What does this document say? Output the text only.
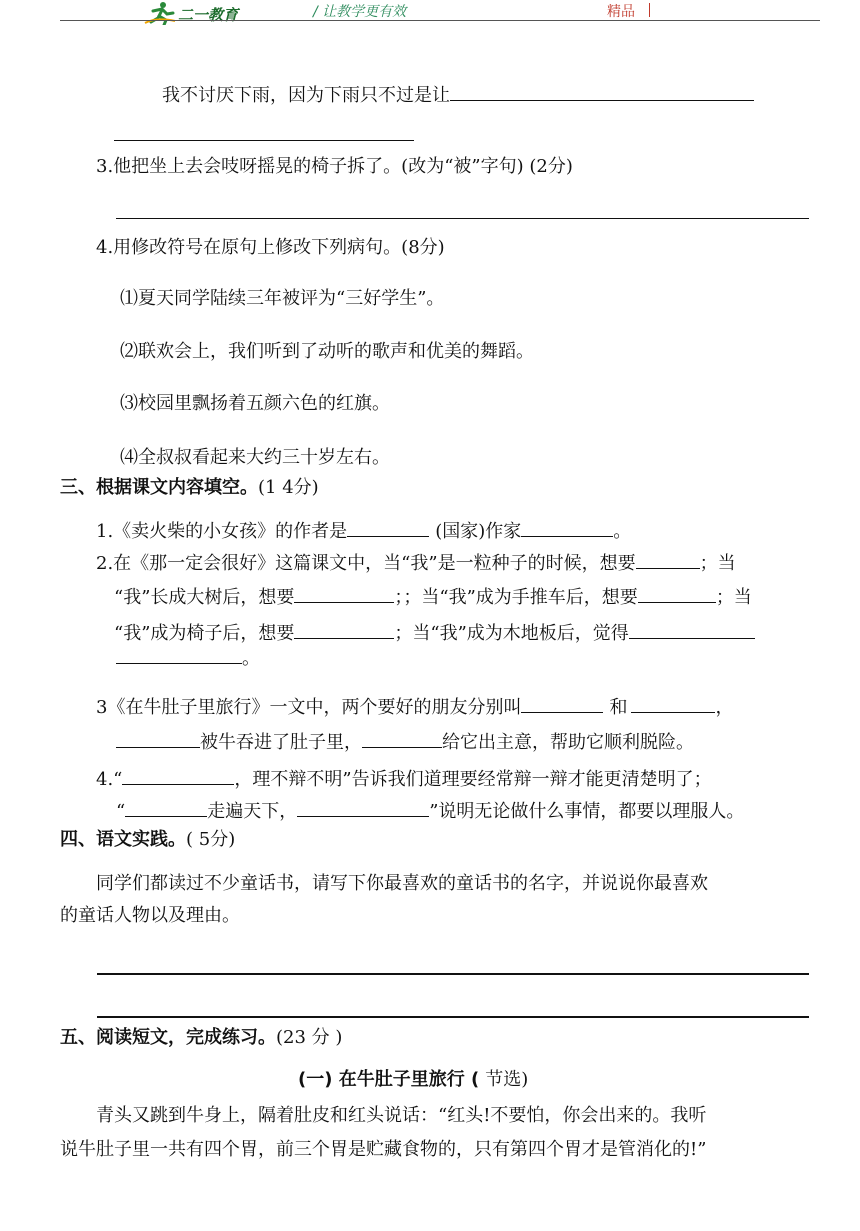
二一教育	/ 让教学更有效	精品
我不讨厌下雨，因为下雨只不过是让
3.他把坐上去会吱呀摇晃的椅子拆了。(改为“被”字句) (2分)
4.用修改符号在原句上修改下列病句。(8分)
⑴夏天同学陆续三年被评为“三好学生”。
⑵联欢会上，我们听到了动听的歌声和优美的舞蹈。
⑶校园里飘扬着五颜六色的红旗。
⑷全叔叔看起来大约三十岁左右。
三、根据课文内容填空。(1 4分)
1.《卖火柴的小女孩》的作者是	(国家)作家	。
2.在《那一定会很好》这篇课文中，当“我”是一粒种子的时候，想要	；当
“我”长成大树后，想要	；；当“我”成为手推车后，想要	；当
“我”成为椅子后，想要	；当“我”成为木地板后，觉得
。
3《在牛肚子里旅行》一文中，两个要好的朋友分别叫	和	，
被牛吞进了肚子里，	给它出主意，帮助它顺利脱险。
4.“	，理不辩不明”告诉我们道理要经常辩一辩才能更清楚明了；
“	走遍天下，	”说明无论做什么事情，都要以理服人。
四、语文实践。( 5分)
同学们都读过不少童话书，请写下你最喜欢的童话书的名字，并说说你最喜欢
的童话人物以及理由。
五、阅读短文，完成练习。(23 分 )
(一) 在牛肚子里旅行 ( 节选)
青头又跳到牛身上，隔着肚皮和红头说话：“红头!不要怕，你会出来的。我听
说牛肚子里一共有四个胃，前三个胃是贮藏食物的，只有第四个胃才是管消化的!”
